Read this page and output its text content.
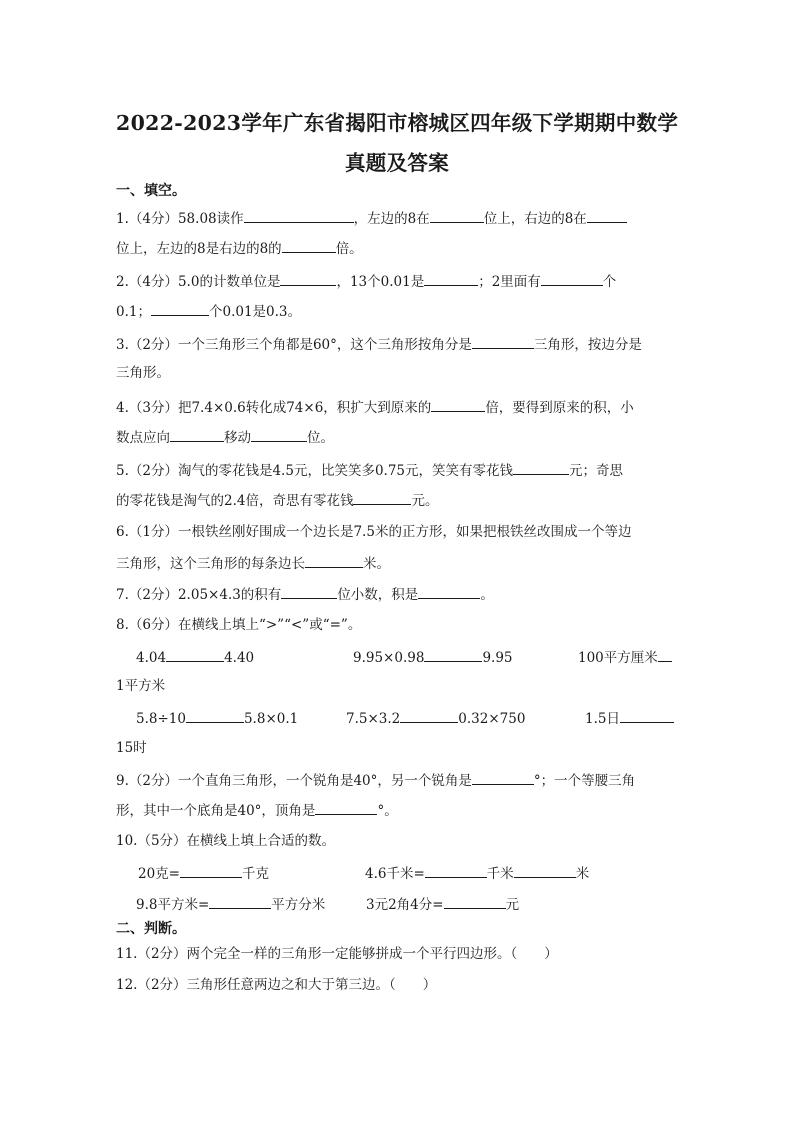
2022-2023学年广东省揭阳市榕城区四年级下学期期中数学
真题及答案
一、填空。
1.（4分）58.08读作	，左边的8在	位上，右边的8在
位上，左边的8是右边的8的	倍。
2.（4分）5.0的计数单位是	，13个0.01是	；2里面有	个
0.1；	个0.01是0.3。
3.（2分）一个三角形三个角都是60°，这个三角形按角分是	三角形，按边分是
三角形。
4.（3分）把7.4×0.6转化成74×6，积扩大到原来的	倍，要得到原来的积，小
数点应向	移动	位。
5.（2分）淘气的零花钱是4.5元，比笑笑多0.75元，笑笑有零花钱	元；奇思
的零花钱是淘气的2.4倍，奇思有零花钱	元。
6.（1分）一根铁丝刚好围成一个边长是7.5米的正方形，如果把根铁丝改围成一个等边
三角形，这个三角形的每条边长	米。
7.（2分）2.05×4.3的积有	位小数，积是	。
8.（6分）在横线上填上“>”“<”或“=”。
4.04	4.40	9.95×0.98	9.95	100平方厘米
1平方米
5.8÷10	5.8×0.1	7.5×3.2	0.32×750	1.5日
15时
9.（2分）一个直角三角形，一个锐角是40°，另一个锐角是	°；一个等腰三角
形，其中一个底角是40°，顶角是	°。
10.（5分）在横线上填上合适的数。
20克=	千克	4.6千米=	千米	米
9.8平方米=	平方分米	3元2角4分=	元
二、判断。
11.（2分）两个完全一样的三角形一定能够拼成一个平行四边形。（　　）
12.（2分）三角形任意两边之和大于第三边。（　　）
